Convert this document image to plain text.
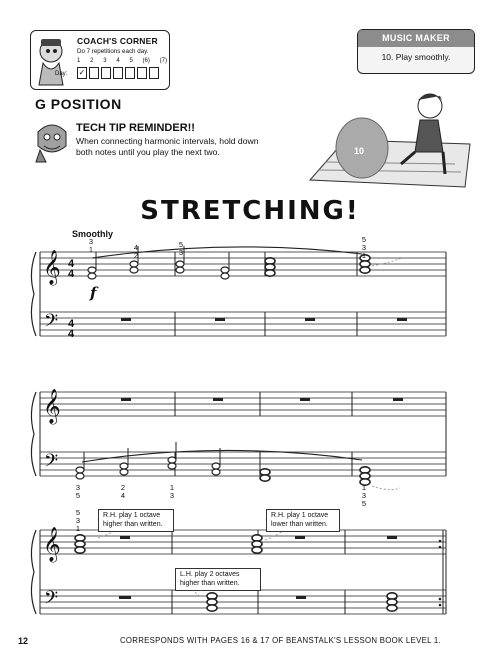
COACH'S CORNER
Do 7 repetitions each day.
1 2 3 4 5 (6) (7)
Day: ✓
MUSIC MAKER
10. Play smoothly.
G POSITION
TECH TIP REMINDER!!
When connecting harmonic intervals, hold down both notes until you play the next two.	10
STRETCHING!
Smoothly
𝄞
𝄢
𝄞
𝄢
𝄞
𝄢
4
4
4
4
f
3
1	4
2
5
3
5
3
1
3
5
2
4
1
3
1
3
5
5
3
1
R.H. play 1 octave higher than written.
R.H. play 1 octave lower than written.
L.H. play 2 octaves higher than written.
12	CORRESPONDS WITH PAGES 16 & 17 OF BEANSTALK'S LESSON BOOK LEVEL 1.
